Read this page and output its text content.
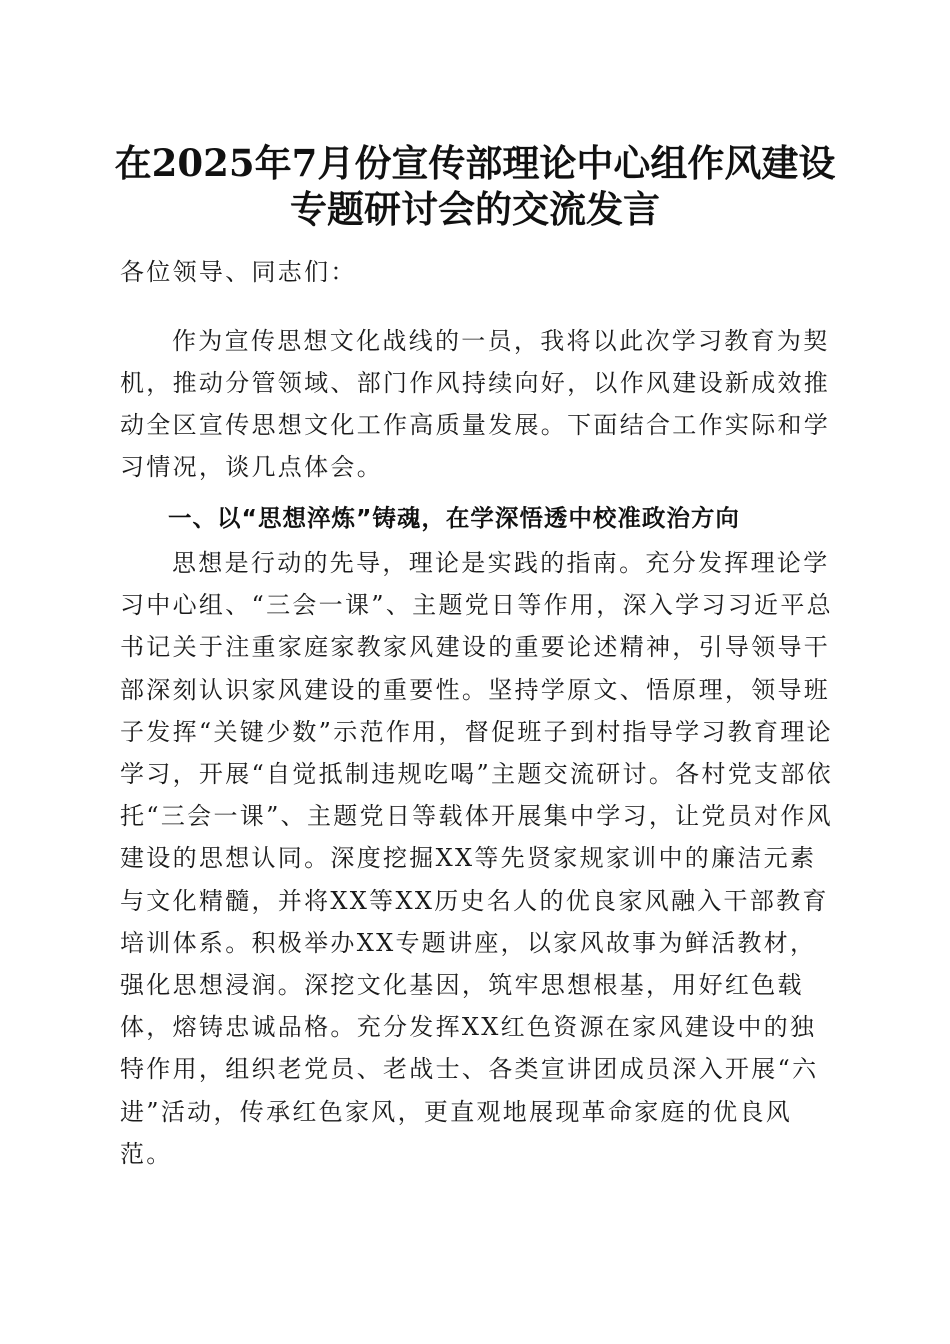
在2025年7月份宣传部理论中心组作风建设
专题研讨会的交流发言

各位领导、同志们：

作为宣传思想文化战线的一员，我将以此次学习教育为契机，推动分管领域、部门作风持续向好，以作风建设新成效推动全区宣传思想文化工作高质量发展。下面结合工作实际和学习情况，谈几点体会。

一、以“思想淬炼”铸魂，在学深悟透中校准政治方向

思想是行动的先导，理论是实践的指南。充分发挥理论学习中心组、“三会一课”、主题党日等作用，深入学习习近平总书记关于注重家庭家教家风建设的重要论述精神，引导领导干部深刻认识家风建设的重要性。坚持学原文、悟原理，领导班子发挥“关键少数”示范作用，督促班子到村指导学习教育理论学习，开展“自觉抵制违规吃喝”主题交流研讨。各村党支部依托“三会一课”、主题党日等载体开展集中学习，让党员对作风建设的思想认同。深度挖掘XX等先贤家规家训中的廉洁元素与文化精髓，并将XX等XX历史名人的优良家风融入干部教育培训体系。积极举办XX专题讲座，以家风故事为鲜活教材，强化思想浸润。深挖文化基因，筑牢思想根基，用好红色载体，熔铸忠诚品格。充分发挥XX红色资源在家风建设中的独特作用，组织老党员、老战士、各类宣讲团成员深入开展“六进”活动，传承红色家风，更直观地展现革命家庭的优良风范。
